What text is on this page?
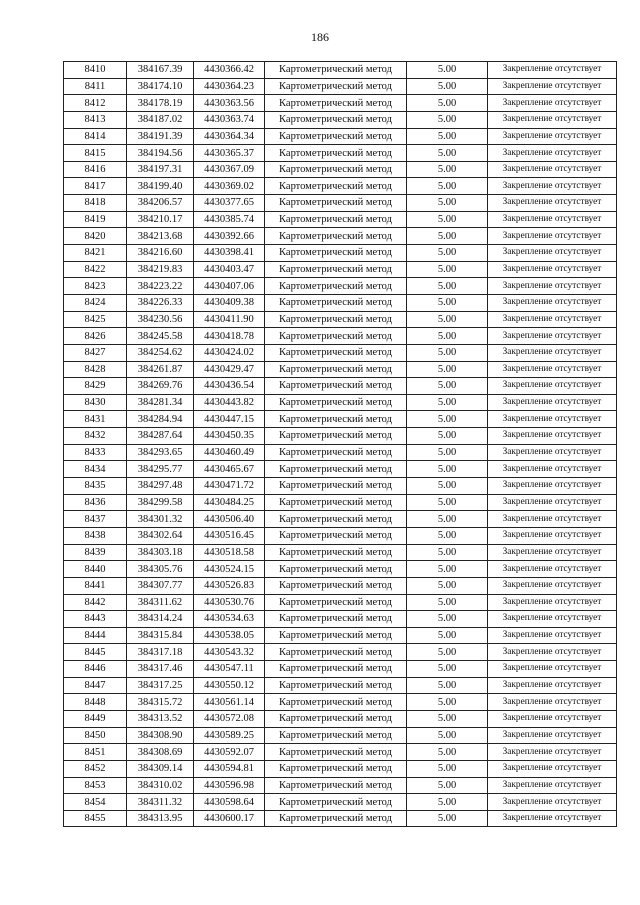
186
8410	384167.39	4430366.42	Картометрический метод	5.00	Закрепление отсутствует
8411	384174.10	4430364.23	Картометрический метод	5.00	Закрепление отсутствует
8412	384178.19	4430363.56	Картометрический метод	5.00	Закрепление отсутствует
8413	384187.02	4430363.74	Картометрический метод	5.00	Закрепление отсутствует
8414	384191.39	4430364.34	Картометрический метод	5.00	Закрепление отсутствует
8415	384194.56	4430365.37	Картометрический метод	5.00	Закрепление отсутствует
8416	384197.31	4430367.09	Картометрический метод	5.00	Закрепление отсутствует
8417	384199.40	4430369.02	Картометрический метод	5.00	Закрепление отсутствует
8418	384206.57	4430377.65	Картометрический метод	5.00	Закрепление отсутствует
8419	384210.17	4430385.74	Картометрический метод	5.00	Закрепление отсутствует
8420	384213.68	4430392.66	Картометрический метод	5.00	Закрепление отсутствует
8421	384216.60	4430398.41	Картометрический метод	5.00	Закрепление отсутствует
8422	384219.83	4430403.47	Картометрический метод	5.00	Закрепление отсутствует
8423	384223.22	4430407.06	Картометрический метод	5.00	Закрепление отсутствует
8424	384226.33	4430409.38	Картометрический метод	5.00	Закрепление отсутствует
8425	384230.56	4430411.90	Картометрический метод	5.00	Закрепление отсутствует
8426	384245.58	4430418.78	Картометрический метод	5.00	Закрепление отсутствует
8427	384254.62	4430424.02	Картометрический метод	5.00	Закрепление отсутствует
8428	384261.87	4430429.47	Картометрический метод	5.00	Закрепление отсутствует
8429	384269.76	4430436.54	Картометрический метод	5.00	Закрепление отсутствует
8430	384281.34	4430443.82	Картометрический метод	5.00	Закрепление отсутствует
8431	384284.94	4430447.15	Картометрический метод	5.00	Закрепление отсутствует
8432	384287.64	4430450.35	Картометрический метод	5.00	Закрепление отсутствует
8433	384293.65	4430460.49	Картометрический метод	5.00	Закрепление отсутствует
8434	384295.77	4430465.67	Картометрический метод	5.00	Закрепление отсутствует
8435	384297.48	4430471.72	Картометрический метод	5.00	Закрепление отсутствует
8436	384299.58	4430484.25	Картометрический метод	5.00	Закрепление отсутствует
8437	384301.32	4430506.40	Картометрический метод	5.00	Закрепление отсутствует
8438	384302.64	4430516.45	Картометрический метод	5.00	Закрепление отсутствует
8439	384303.18	4430518.58	Картометрический метод	5.00	Закрепление отсутствует
8440	384305.76	4430524.15	Картометрический метод	5.00	Закрепление отсутствует
8441	384307.77	4430526.83	Картометрический метод	5.00	Закрепление отсутствует
8442	384311.62	4430530.76	Картометрический метод	5.00	Закрепление отсутствует
8443	384314.24	4430534.63	Картометрический метод	5.00	Закрепление отсутствует
8444	384315.84	4430538.05	Картометрический метод	5.00	Закрепление отсутствует
8445	384317.18	4430543.32	Картометрический метод	5.00	Закрепление отсутствует
8446	384317.46	4430547.11	Картометрический метод	5.00	Закрепление отсутствует
8447	384317.25	4430550.12	Картометрический метод	5.00	Закрепление отсутствует
8448	384315.72	4430561.14	Картометрический метод	5.00	Закрепление отсутствует
8449	384313.52	4430572.08	Картометрический метод	5.00	Закрепление отсутствует
8450	384308.90	4430589.25	Картометрический метод	5.00	Закрепление отсутствует
8451	384308.69	4430592.07	Картометрический метод	5.00	Закрепление отсутствует
8452	384309.14	4430594.81	Картометрический метод	5.00	Закрепление отсутствует
8453	384310.02	4430596.98	Картометрический метод	5.00	Закрепление отсутствует
8454	384311.32	4430598.64	Картометрический метод	5.00	Закрепление отсутствует
8455	384313.95	4430600.17	Картометрический метод	5.00	Закрепление отсутствует
